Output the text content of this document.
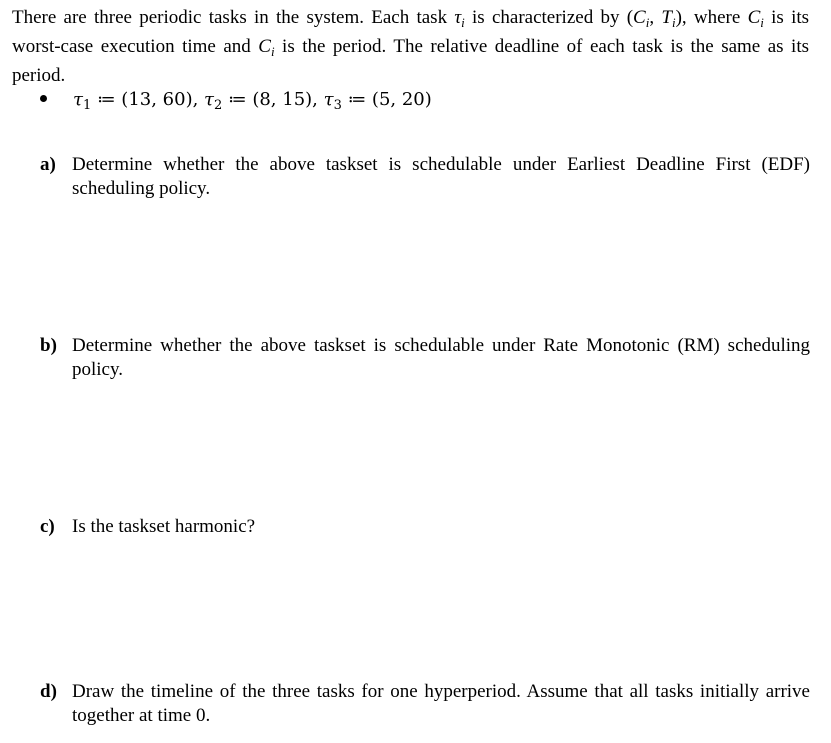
There are three periodic tasks in the system. Each task $\tau_i$ is characterized by ($C_i$, $T_i$), where $C_i$ is its
worst-case execution time and $C_i$ is the period. The relative deadline of each task is the same as its
period.
$\tau_1$ ≔ (13, 60), $\tau_2$ ≔ (8, 15), $\tau_3$ ≔ (5, 20)
a) Determine whether the above taskset is schedulable under Earliest Deadline First (EDF)
scheduling policy.
b) Determine whether the above taskset is schedulable under Rate Monotonic (RM) scheduling
policy.
c) Is the taskset harmonic?
d) Draw the timeline of the three tasks for one hyperperiod. Assume that all tasks initially arrive
together at time 0.
